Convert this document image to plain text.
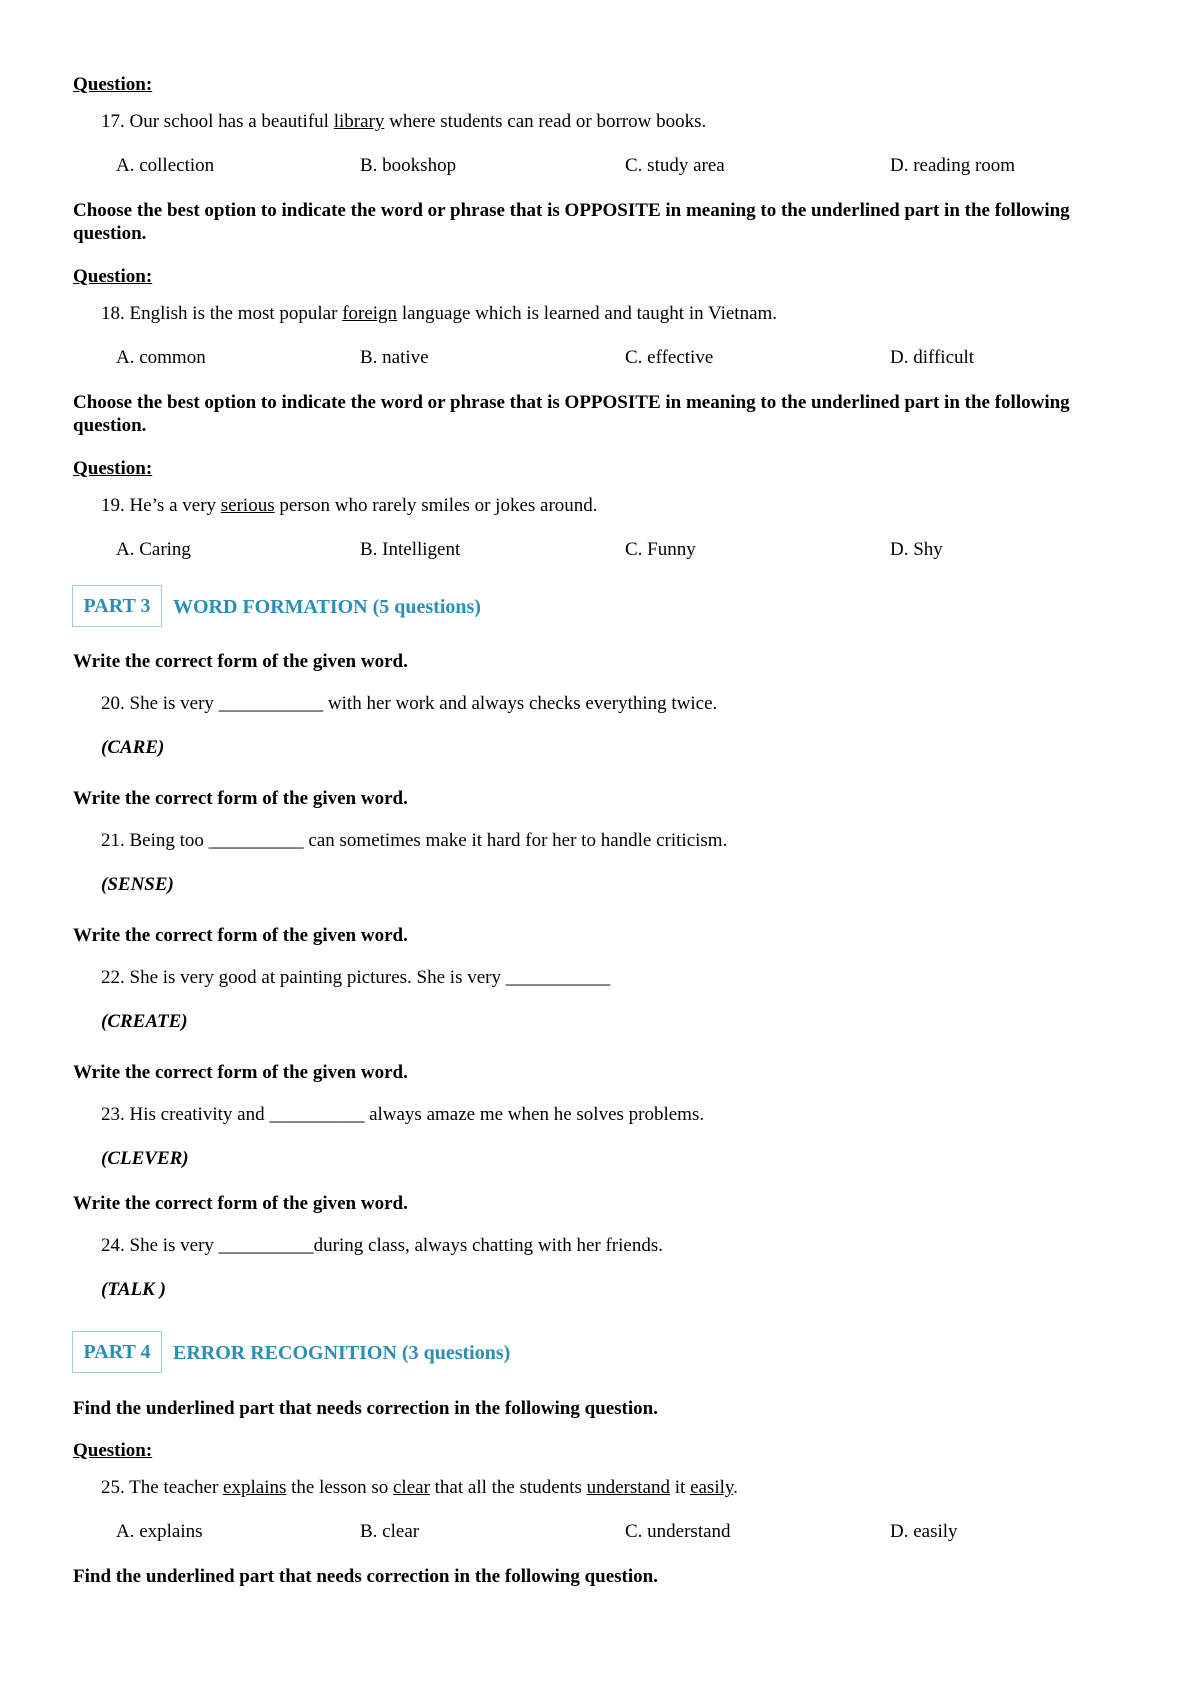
Question:
17. Our school has a beautiful library where students can read or borrow books.
A. collection	B. bookshop	C. study area	D. reading room
Choose the best option to indicate the word or phrase that is OPPOSITE in meaning to the underlined part in the following question.
Question:
18. English is the most popular foreign language which is learned and taught in Vietnam.
A. common	B. native	C. effective	D. difficult
Choose the best option to indicate the word or phrase that is OPPOSITE in meaning to the underlined part in the following question.
Question:
19. He’s a very serious person who rarely smiles or jokes around.
A. Caring	B. Intelligent	C. Funny	D. Shy
PART 3	WORD FORMATION (5 questions)
Write the correct form of the given word.
20. She is very ___________ with her work and always checks everything twice.
(CARE)
Write the correct form of the given word.
21. Being too __________ can sometimes make it hard for her to handle criticism.
(SENSE)
Write the correct form of the given word.
22. She is very good at painting pictures. She is very ___________
(CREATE)
Write the correct form of the given word.
23. His creativity and __________ always amaze me when he solves problems.
(CLEVER)
Write the correct form of the given word.
24. She is very __________during class, always chatting with her friends.
(TALK )
PART 4	ERROR RECOGNITION (3 questions)
Find the underlined part that needs correction in the following question.
Question:
25. The teacher explains the lesson so clear that all the students understand it easily.
A. explains	B. clear	C. understand	D. easily
Find the underlined part that needs correction in the following question.
